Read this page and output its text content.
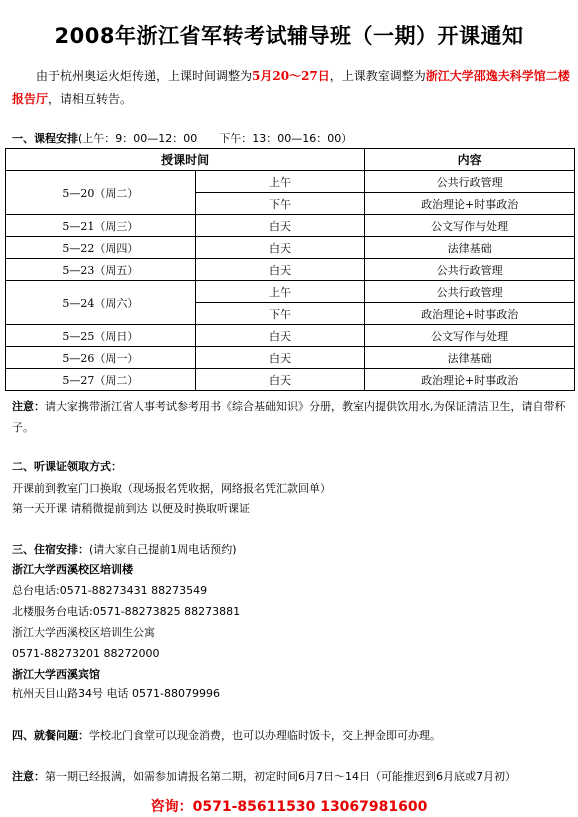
2008年浙江省军转考试辅导班（一期）开课通知
由于杭州奥运火炬传递，上课时间调整为5月20～27日，上课教室调整为浙江大学邵逸夫科学馆二楼报告厅，请相互转告。
一、课程安排(上午：9：00—12：00　　下午：13：00—16：00）
授课时间		内容
5—20（周二）	上午	公共行政管理
	下午	政治理论+时事政治
5—21（周三）	白天	公文写作与处理
5—22（周四）	白天	法律基础
5—23（周五）	白天	公共行政管理
5—24（周六）	上午	公共行政管理
	下午	政治理论+时事政治
5—25（周日）	白天	公文写作与处理
5—26（周一）	白天	法律基础
5—27（周二）	白天	政治理论+时事政治
注意：请大家携带浙江省人事考试参考用书《综合基础知识》分册，教室内提供饮用水,为保证清洁卫生，请自带杯子。
二、听课证领取方式：
开课前到教室门口换取（现场报名凭收据，网络报名凭汇款回单）
第一天开课 请稍微提前到达 以便及时换取听课证
三、住宿安排：(请大家自己提前1周电话预约)
浙江大学西溪校区培训楼
总台电话:0571-88273431 88273549
北楼服务台电话:0571-88273825 88273881
浙江大学西溪校区培训生公寓
0571-88273201 88272000
浙江大学西溪宾馆
杭州天目山路34号 电话 0571-88079996
四、就餐问题：学校北门食堂可以现金消费，也可以办理临时饭卡，交上押金即可办理。
注意：第一期已经报满，如需参加请报名第二期，初定时间6月7日～14日（可能推迟到6月底或7月初）
咨询：0571-85611530 13067981600
